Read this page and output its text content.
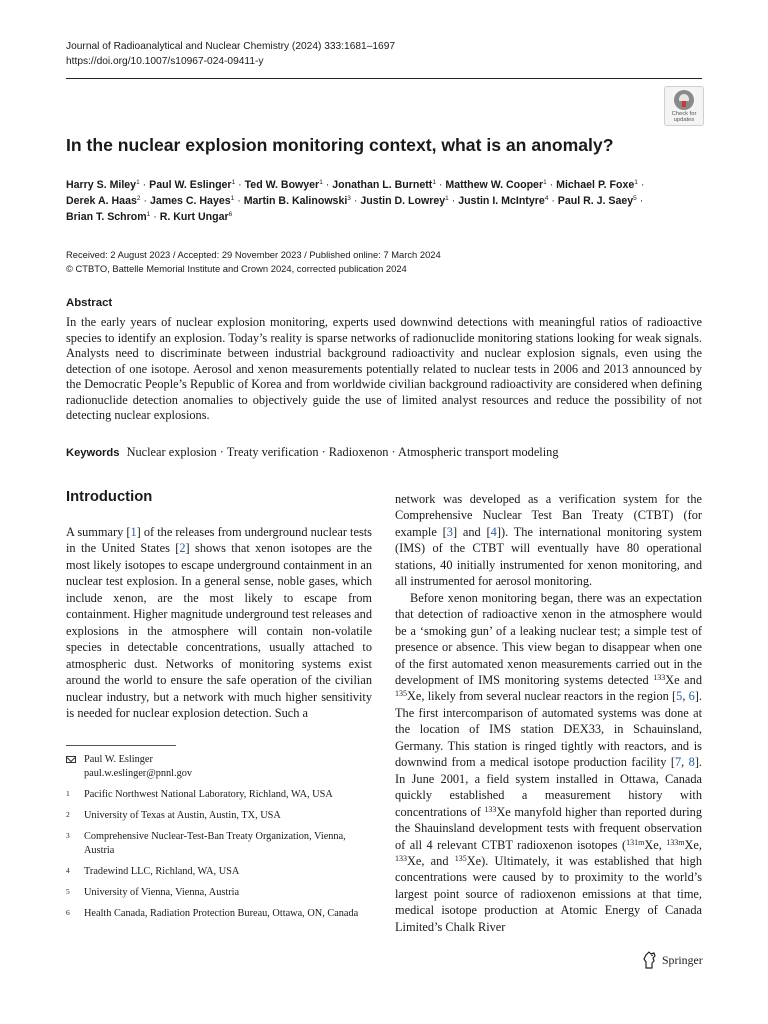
Journal of Radioanalytical and Nuclear Chemistry (2024) 333:1681–1697
https://doi.org/10.1007/s10967-024-09411-y
Check for
updates
In the nuclear explosion monitoring context, what is an anomaly?
Harry S. Miley$^1$ · Paul W. Eslinger$^1$ · Ted W. Bowyer$^1$ · Jonathan L. Burnett$^1$ · Matthew W. Cooper$^1$ · Michael P. Foxe$^1$ · Derek A. Haas$^2$ · James C. Hayes$^1$ · Martin B. Kalinowski$^3$ · Justin D. Lowrey$^1$ · Justin I. McIntyre$^4$ · Paul R. J. Saey$^5$ · Brian T. Schrom$^1$ · R. Kurt Ungar$^6$
Received: 2 August 2023 / Accepted: 29 November 2023 / Published online: 7 March 2024
© CTBTO, Battelle Memorial Institute and Crown 2024, corrected publication 2024
Abstract

In the early years of nuclear explosion monitoring, experts used downwind detections with meaningful ratios of radioactive species to identify an explosion. Today’s reality is sparse networks of radionuclide monitoring stations looking for weak signals. Analysts need to discriminate between industrial background radioactivity and nuclear explosion signals, even using the detection of one isotope. Aerosol and xenon measurements potentially related to nuclear tests in 2006 and 2013 announced by the Democratic People’s Republic of Korea and from worldwide civilian background radioactivity are considered when defining radionuclide detection anomalies to objectively guide the use of limited analyst resources and reduce the possibility of not detecting nuclear explosions.

Keywords Nuclear explosion · Treaty verification · Radioxenon · Atmospheric transport modeling
Introduction

A summary [1] of the releases from underground nuclear tests in the United States [2] shows that xenon isotopes are the most likely isotopes to escape underground containment in an nuclear test explosion. In a general sense, noble gases, which include xenon, are the most likely to escape from containment. Higher magnitude underground test releases and explosions in the atmosphere will contain non-volatile species in detectable concentrations, usually attached to atmospheric dust. Networks of monitoring systems exist around the world to ensure the safe operation of the civilian nuclear industry, but a network with much higher sensitivity is needed for nuclear explosion detection. Such a

Paul W. Eslinger
paul.w.eslinger@pnnl.gov
1	Pacific Northwest National Laboratory, Richland, WA, USA
2	University of Texas at Austin, Austin, TX, USA
3	Comprehensive Nuclear-Test-Ban Treaty Organization, Vienna, Austria
4	Tradewind LLC, Richland, WA, USA
5	University of Vienna, Vienna, Austria
6	Health Canada, Radiation Protection Bureau, Ottawa, ON, Canada

network was developed as a verification system for the Comprehensive Nuclear Test Ban Treaty (CTBT) (for example [3] and [4]). The international monitoring system (IMS) of the CTBT will eventually have 80 operational stations, 40 initially instrumented for xenon monitoring, and all instrumented for aerosol monitoring.

Before xenon monitoring began, there was an expectation that detection of radioactive xenon in the atmosphere would be a ‘smoking gun’ of a leaking nuclear test; a simple test of presence or absence. This view began to disappear when one of the first automated xenon measurements carried out in the development of IMS monitoring systems detected $^{133}$Xe and $^{135}$Xe, likely from several nuclear reactors in the region [5, 6]. The first intercomparison of automated systems was done at the location of IMS station DEX33, in Schauinsland, Germany. This station is ringed tightly with reactors, and is downwind from a medical isotope production facility [7, 8]. In June 2001, a field system installed in Ottawa, Canada quickly established a measurement history with concentrations of $^{133}$Xe manyfold higher than reported during the Shauinsland development tests with frequent observation of all 4 relevant CTBT radioxenon isotopes ($^{131m}$Xe, $^{133m}$Xe, $^{133}$Xe, and $^{135}$Xe). Ultimately, it was established that high concentrations were caused by to proximity to the world’s largest point source of radioxenon emissions at that time, medical isotope production at Atomic Energy of Canada Limited’s Chalk River

Springer
